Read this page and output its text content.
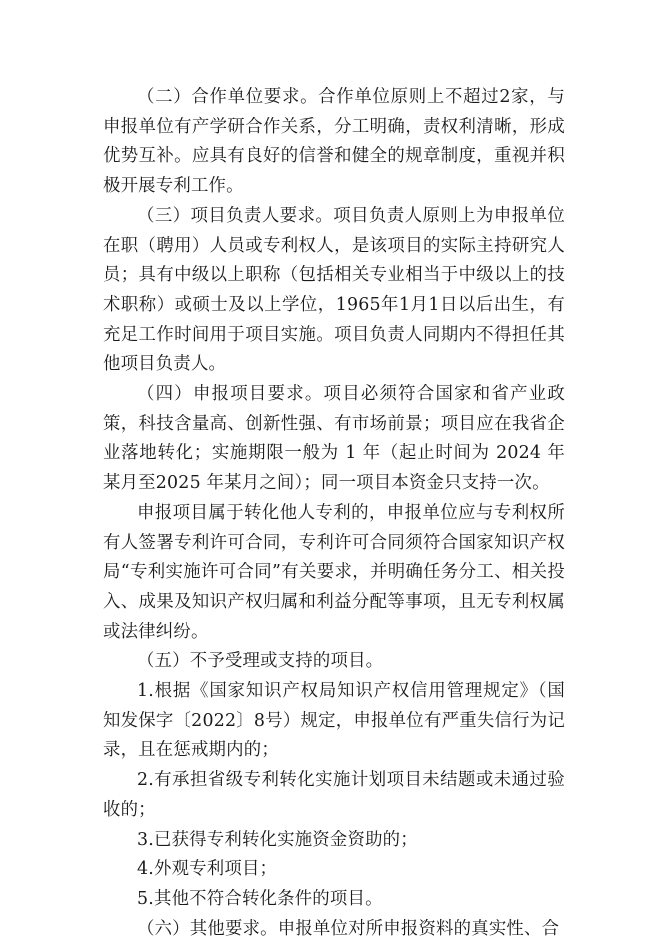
（二）合作单位要求。合作单位原则上不超过2家，与申报单位有产学研合作关系，分工明确，责权利清晰，形成优势互补。应具有良好的信誉和健全的规章制度，重视并积极开展专利工作。

（三）项目负责人要求。项目负责人原则上为申报单位在职（聘用）人员或专利权人，是该项目的实际主持研究人员；具有中级以上职称（包括相关专业相当于中级以上的技术职称）或硕士及以上学位，1965年1月1日以后出生，有充足工作时间用于项目实施。项目负责人同期内不得担任其他项目负责人。

（四）申报项目要求。项目必须符合国家和省产业政策，科技含量高、创新性强、有市场前景；项目应在我省企业落地转化；实施期限一般为 1 年（起止时间为 2024 年某月至2025 年某月之间）；同一项目本资金只支持一次。

申报项目属于转化他人专利的，申报单位应与专利权所有人签署专利许可合同，专利许可合同须符合国家知识产权局“专利实施许可合同”有关要求，并明确任务分工、相关投入、成果及知识产权归属和利益分配等事项，且无专利权属或法律纠纷。

（五）不予受理或支持的项目。

1.根据《国家知识产权局知识产权信用管理规定》（国知发保字〔2022〕8号）规定，申报单位有严重失信行为记录，且在惩戒期内的；

2.有承担省级专利转化实施计划项目未结题或未通过验收的；

3.已获得专利转化实施资金资助的；

4.外观专利项目；

5.其他不符合转化条件的项目。

（六）其他要求。申报单位对所申报资料的真实性、合
